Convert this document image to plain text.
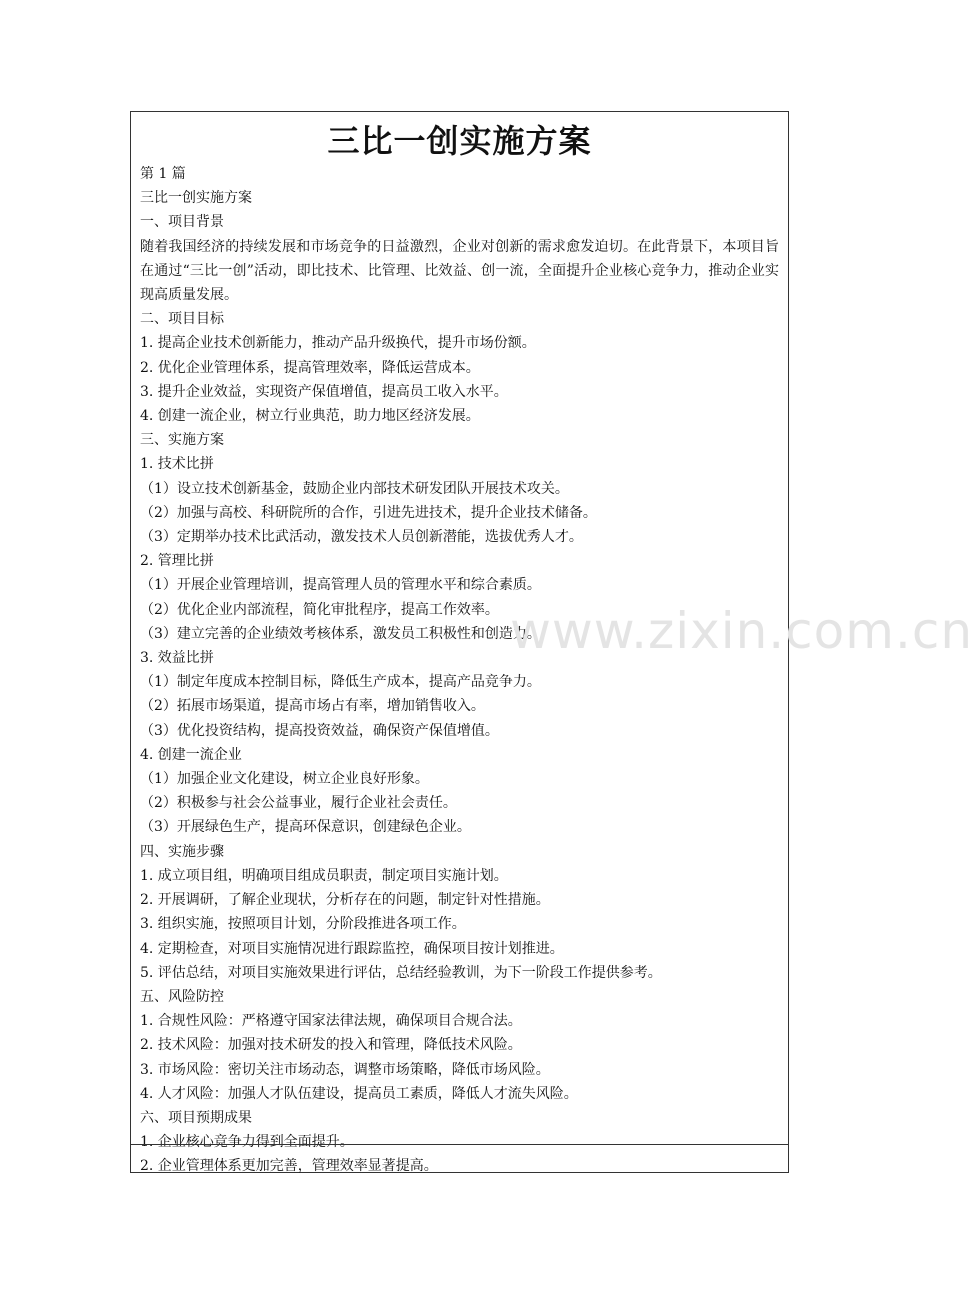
三比一创实施方案
第 1 篇
三比一创实施方案
一、项目背景
随着我国经济的持续发展和市场竞争的日益激烈，企业对创新的需求愈发迫切。在此背景下，本项目旨在通过“三比一创”活动，即比技术、比管理、比效益、创一流，全面提升企业核心竞争力，推动企业实现高质量发展。
二、项目目标
1. 提高企业技术创新能力，推动产品升级换代，提升市场份额。
2. 优化企业管理体系，提高管理效率，降低运营成本。
3. 提升企业效益，实现资产保值增值，提高员工收入水平。
4. 创建一流企业，树立行业典范，助力地区经济发展。
三、实施方案
1. 技术比拼
（1）设立技术创新基金，鼓励企业内部技术研发团队开展技术攻关。
（2）加强与高校、科研院所的合作，引进先进技术，提升企业技术储备。
（3）定期举办技术比武活动，激发技术人员创新潜能，选拔优秀人才。
2. 管理比拼
（1）开展企业管理培训，提高管理人员的管理水平和综合素质。
（2）优化企业内部流程，简化审批程序，提高工作效率。
（3）建立完善的企业绩效考核体系，激发员工积极性和创造力。
3. 效益比拼
（1）制定年度成本控制目标，降低生产成本，提高产品竞争力。
（2）拓展市场渠道，提高市场占有率，增加销售收入。
（3）优化投资结构，提高投资效益，确保资产保值增值。
4. 创建一流企业
（1）加强企业文化建设，树立企业良好形象。
（2）积极参与社会公益事业，履行企业社会责任。
（3）开展绿色生产，提高环保意识，创建绿色企业。
四、实施步骤
1. 成立项目组，明确项目组成员职责，制定项目实施计划。
2. 开展调研，了解企业现状，分析存在的问题，制定针对性措施。
3. 组织实施，按照项目计划，分阶段推进各项工作。
4. 定期检查，对项目实施情况进行跟踪监控，确保项目按计划推进。
5. 评估总结，对项目实施效果进行评估，总结经验教训，为下一阶段工作提供参考。
五、风险防控
1. 合规性风险：严格遵守国家法律法规，确保项目合规合法。
2. 技术风险：加强对技术研发的投入和管理，降低技术风险。
3. 市场风险：密切关注市场动态，调整市场策略，降低市场风险。
4. 人才风险：加强人才队伍建设，提高员工素质，降低人才流失风险。
六、项目预期成果
1. 企业核心竞争力得到全面提升。
2. 企业管理体系更加完善，管理效率显著提高。
www.zixin.com.cn
